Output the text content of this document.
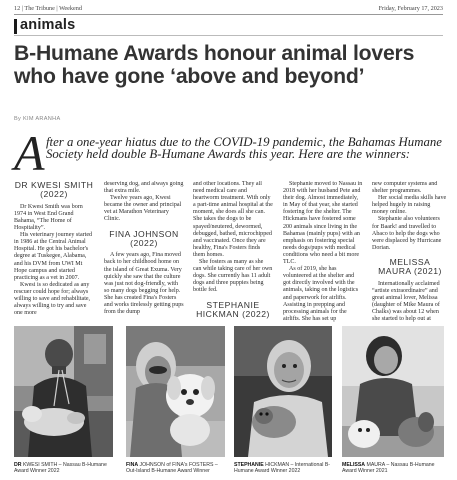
12 | The Tribune | Weekend	Friday, February 17, 2023
animals
B-Humane Awards honour animal lovers who have gone ‘above and beyond’
By KIM ARANHA
A fter a one-year hiatus due to the COVID-19 pandemic, the Bahamas Humane Society held double B-Humane Awards this year. Here are the winners:
DR KWESI SMITH (2022)

Dr Kwesi Smith was born 1974 in West End Grand Bahama, “The Home of Hospitality”.

His veterinary journey started in 1986 at the Central Animal Hospital. He got his bachelor's degree at Tuskegee, Alabama, and his DVM from UWI Mt Hope campus and started practicing as a vet in 2007.

Kwesi is so dedicated as any rescuer could hope for; always willing to save and rehabilitate, always willing to try and save one more

deserving dog, and always going that extra mile.

Twelve years ago, Kwesi became the owner and principal vet at Marathon Veterinary Clinic.

FINA JOHNSON (2022)

A few years ago, Fina moved back to her childhood home on the island of Great Exuma. Very quickly she saw that the culture was just not dog-friendly, with so many dogs begging for help. She has created Fina's Fosters and works tirelessly getting pups from the dump

and other locations. They all need medical care and heartworm treatment. With only a part-time animal hospital at the moment, she does all she can. She takes the dogs to be spayed/neutered, dewormed, debugged, bathed, microchipped and vaccinated. Once they are healthy, Fina's Fosters finds them homes.

She fosters as many as she can while taking care of her own dogs. She currently has 11 adult dogs and three puppies being bottle fed.

STEPHANIE HICKMAN (2022)

Stephanie moved to Nassau in 2018 with her husband Pete and their dog. Almost immediately, in May of that year, she started fostering for the shelter. The Hickmans have fostered some 200 animals since living in the Bahamas (mainly pups) with an emphasis on fostering special needs dogs/pups with medical conditions who need a bit more TLC.

As of 2019, she has volunteered at the shelter and got directly involved with the animals, taking on the logistics and paperwork for airlifts. Assisting in prepping and processing animals for the airlifts. She has set up

new computer systems and shelter programmes.

Her social media skills have helped hugely in raising money online.

Stephanie also volunteers for Baark! and travelled to Abaco to help the dogs who were displaced by Hurricane Dorian.

MELISSA MAURA (2021)

Internationally acclaimed “artiste extraordinaire” and great animal lover, Melissa (daughter of Mike Maura of Chalks) was about 12 when she started to help out at

DR KWESI SMITH – Nassau B-Humane Award Winner 2022
FINA JOHNSON of FINA's FOSTERS – Out-Island B-Humane Award Winner
STEPHANIE HICKMAN – International B-Humane Award Winner 2022
MELISSA MAURA – Nassau B-Humane Award Winner 2021
